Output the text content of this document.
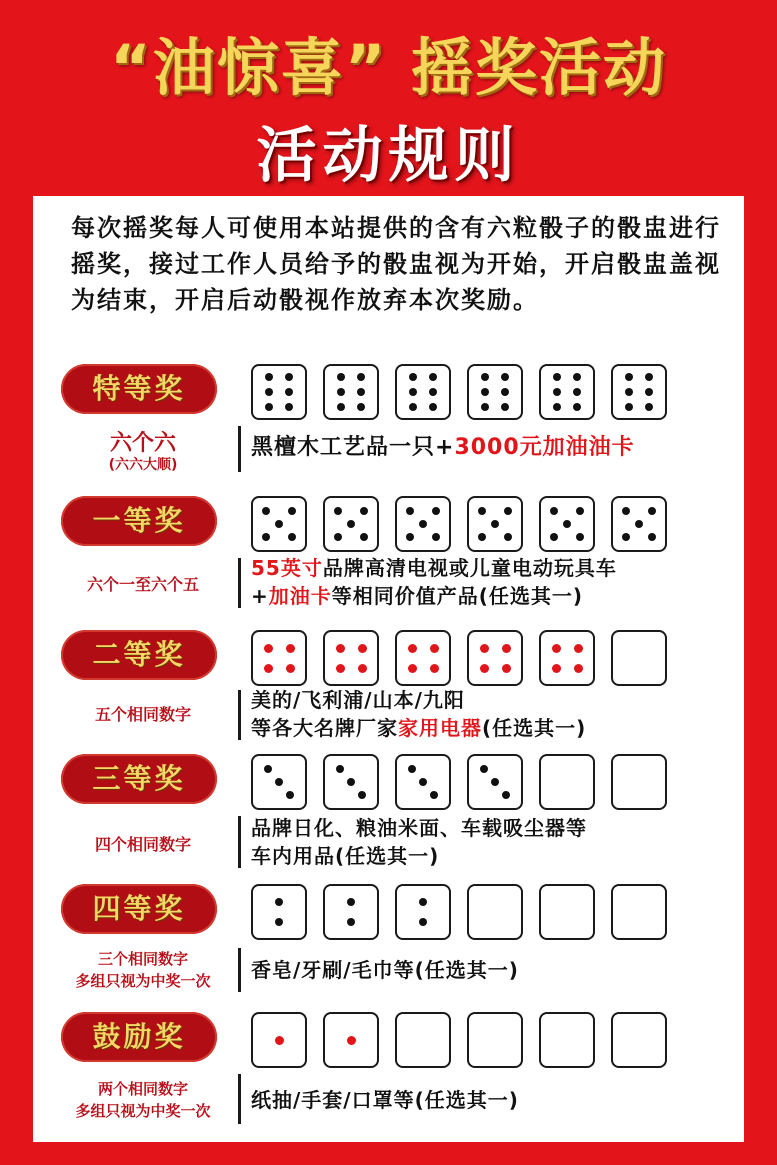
“油惊喜” 摇奖活动
活动规则
每次摇奖每人可使用本站提供的含有六粒骰子的骰盅进行摇奖，接过工作人员给予的骰盅视为开始，开启骰盅盖视为结束，开启后动骰视作放弃本次奖励。
特等奖
六个六
(六六大顺)
黑檀木工艺品一只+3000元加油油卡
一等奖
六个一至六个五
55英寸品牌高清电视或儿童电动玩具车
+加油卡等相同价值产品(任选其一)
二等奖
五个相同数字
美的/飞利浦/山本/九阳
等各大名牌厂家家用电器(任选其一)
三等奖
四个相同数字
品牌日化、粮油米面、车载吸尘器等
车内用品(任选其一)
四等奖
三个相同数字
多组只视为中奖一次	香皂/牙刷/毛巾等(任选其一)
鼓励奖
两个相同数字
多组只视为中奖一次	纸抽/手套/口罩等(任选其一)
